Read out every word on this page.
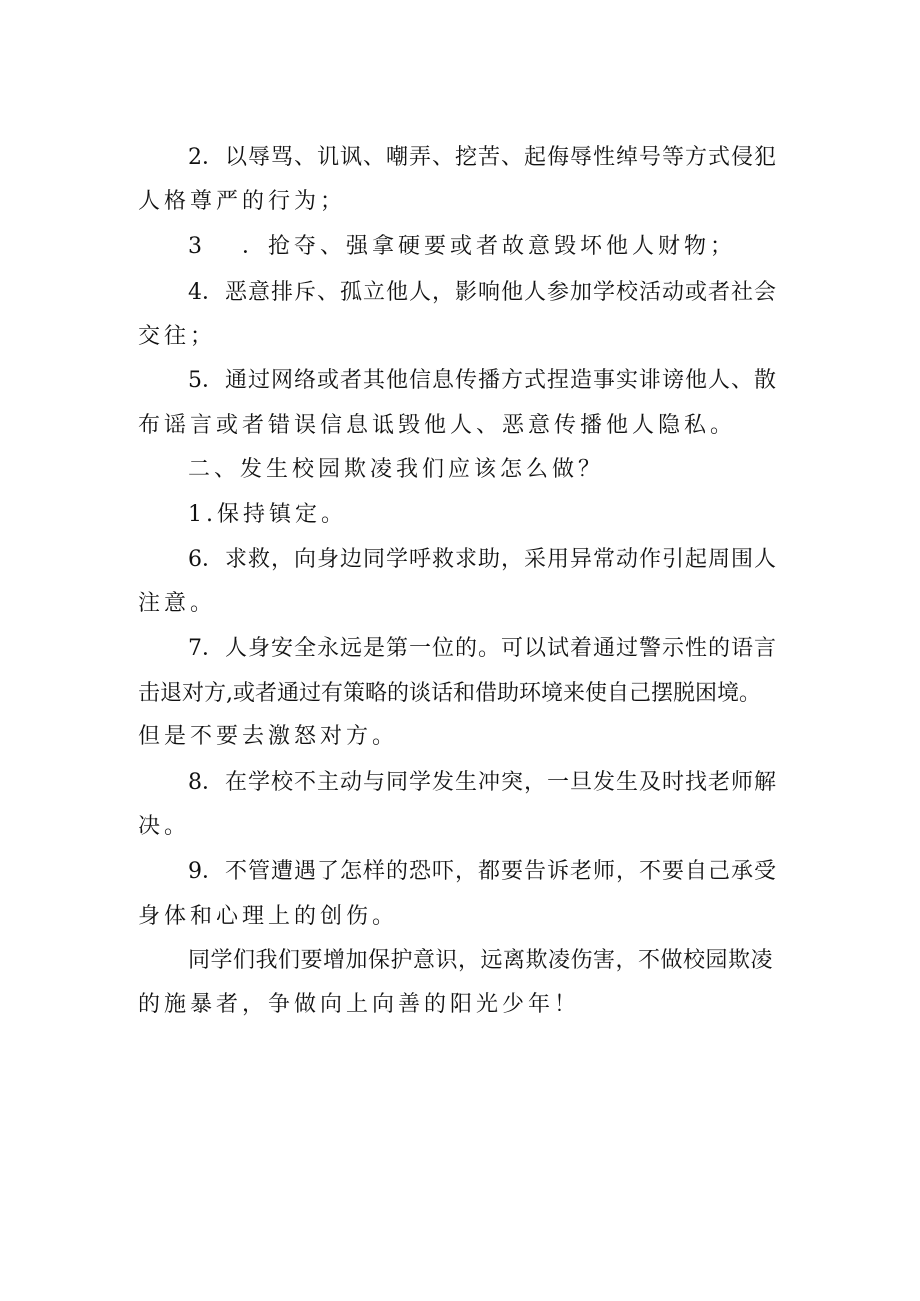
2．以辱骂、讥讽、嘲弄、挖苦、起侮辱性绰号等方式侵犯
人格尊严的行为；
3 ．抢夺、强拿硬要或者故意毁坏他人财物；
4．恶意排斥、孤立他人，影响他人参加学校活动或者社会
交往；
5．通过网络或者其他信息传播方式捏造事实诽谤他人、散
布谣言或者错误信息诋毁他人、恶意传播他人隐私。
二、发生校园欺凌我们应该怎么做？
1.保持镇定。
6．求救，向身边同学呼救求助，采用异常动作引起周围人
注意。
7．人身安全永远是第一位的。可以试着通过警示性的语言
击退对方,或者通过有策略的谈话和借助环境来使自己摆脱困境。
但是不要去激怒对方。
8．在学校不主动与同学发生冲突，一旦发生及时找老师解
决。
9．不管遭遇了怎样的恐吓，都要告诉老师，不要自己承受
身体和心理上的创伤。
同学们我们要增加保护意识，远离欺凌伤害，不做校园欺凌
的施暴者，争做向上向善的阳光少年！
